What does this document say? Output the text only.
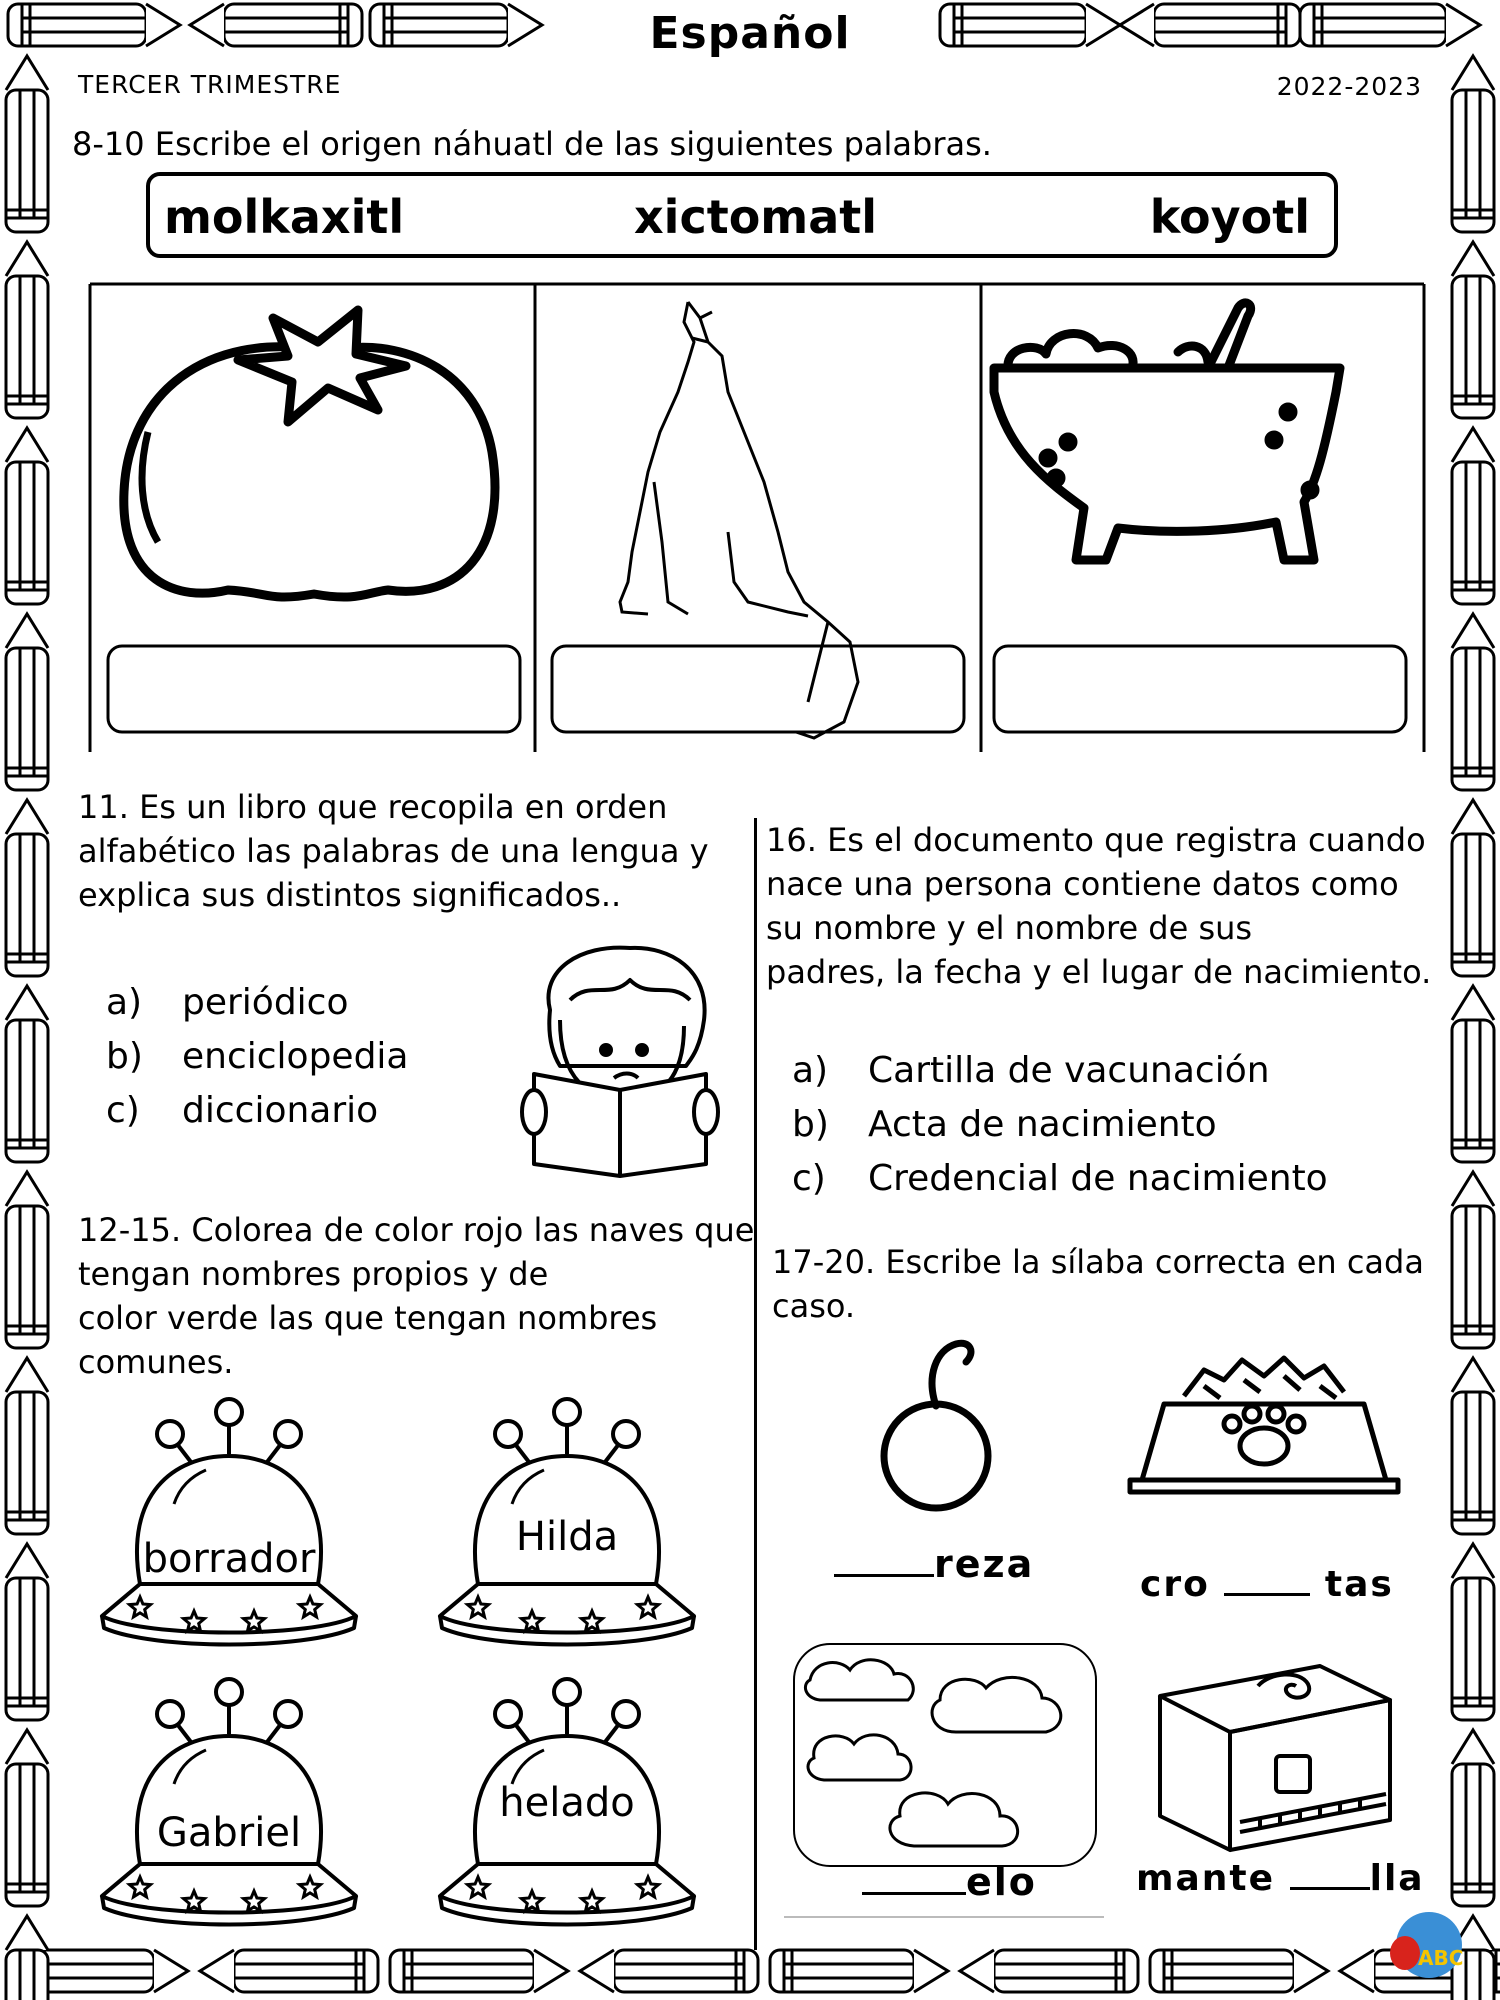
Español
TERCER TRIMESTRE	2022-2023
8-10 Escribe el origen náhuatl de las siguientes palabras.
molkaxitl	xictomatl	koyotl
11. Es un libro que recopila en orden
alfabético las palabras de una lengua y
explica sus distintos significados..
a) periódico
b) enciclopedia
c) diccionario
16. Es el documento que registra cuando
nace una persona contiene datos como
su nombre y el nombre de sus
padres, la fecha y el lugar de nacimiento.
a) Cartilla de vacunación
b) Acta de nacimiento
c) Credencial de nacimiento
12-15. Colorea de color rojo las naves que
tengan nombres propios y de
color verde las que tengan nombres
comunes.
borrador	Hilda
Gabriel
helado
17-20. Escribe la sílaba correcta en cada
caso.
reza	cro	tas
elo	mante	lla
ABC
